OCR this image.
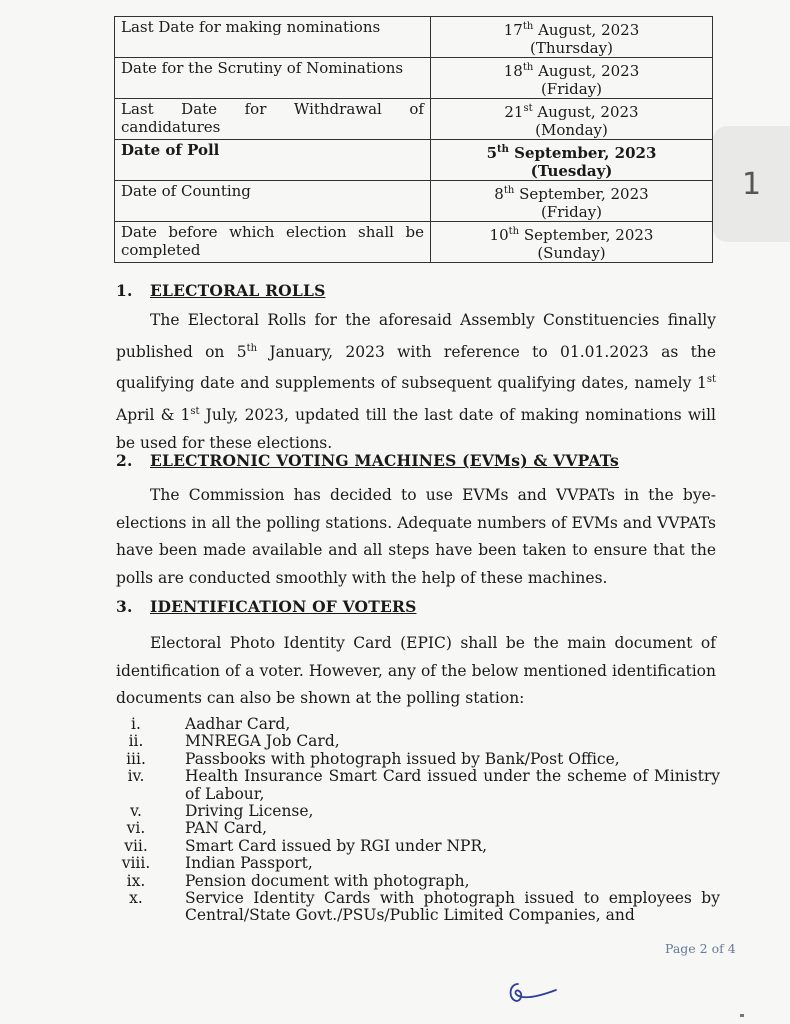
Last Date for making nominations	17th August, 2023
(Thursday)
Date for the Scrutiny of Nominations	18th August, 2023
(Friday)

Last Date for Withdrawal of
candidatures	21st August, 2023
(Monday)
Date of Poll	5th September, 2023
(Tuesday)
Date of Counting	8th September, 2023
(Friday)

Date before which election shall be
completed	10th September, 2023
(Sunday)
1
1. ELECTORAL ROLLS
The Electoral Rolls for the aforesaid Assembly Constituencies finally published on 5th January, 2023 with reference to 01.01.2023 as the qualifying date and supplements of subsequent qualifying dates, namely 1st April & 1st July, 2023, updated till the last date of making nominations will be used for these elections.
2. ELECTRONIC VOTING MACHINES (EVMs) & VVPATs
The Commission has decided to use EVMs and VVPATs in the bye-elections in all the polling stations. Adequate numbers of EVMs and VVPATs have been made available and all steps have been taken to ensure that the polls are conducted smoothly with the help of these machines.
3. IDENTIFICATION OF VOTERS
Electoral Photo Identity Card (EPIC) shall be the main document of identification of a voter. However, any of the below mentioned identification documents can also be shown at the polling station:
i.	Aadhar Card,
ii.	MNREGA Job Card,
iii.	Passbooks with photograph issued by Bank/Post Office,
iv.	Health Insurance Smart Card issued under the scheme of Ministry of Labour,
v.	Driving License,
vi.	PAN Card,
vii.	Smart Card issued by RGI under NPR,
viii.	Indian Passport,
ix.	Pension document with photograph,
x.	Service Identity Cards with photograph issued to employees by Central/State Govt./PSUs/Public Limited Companies, and
Page 2 of 4
